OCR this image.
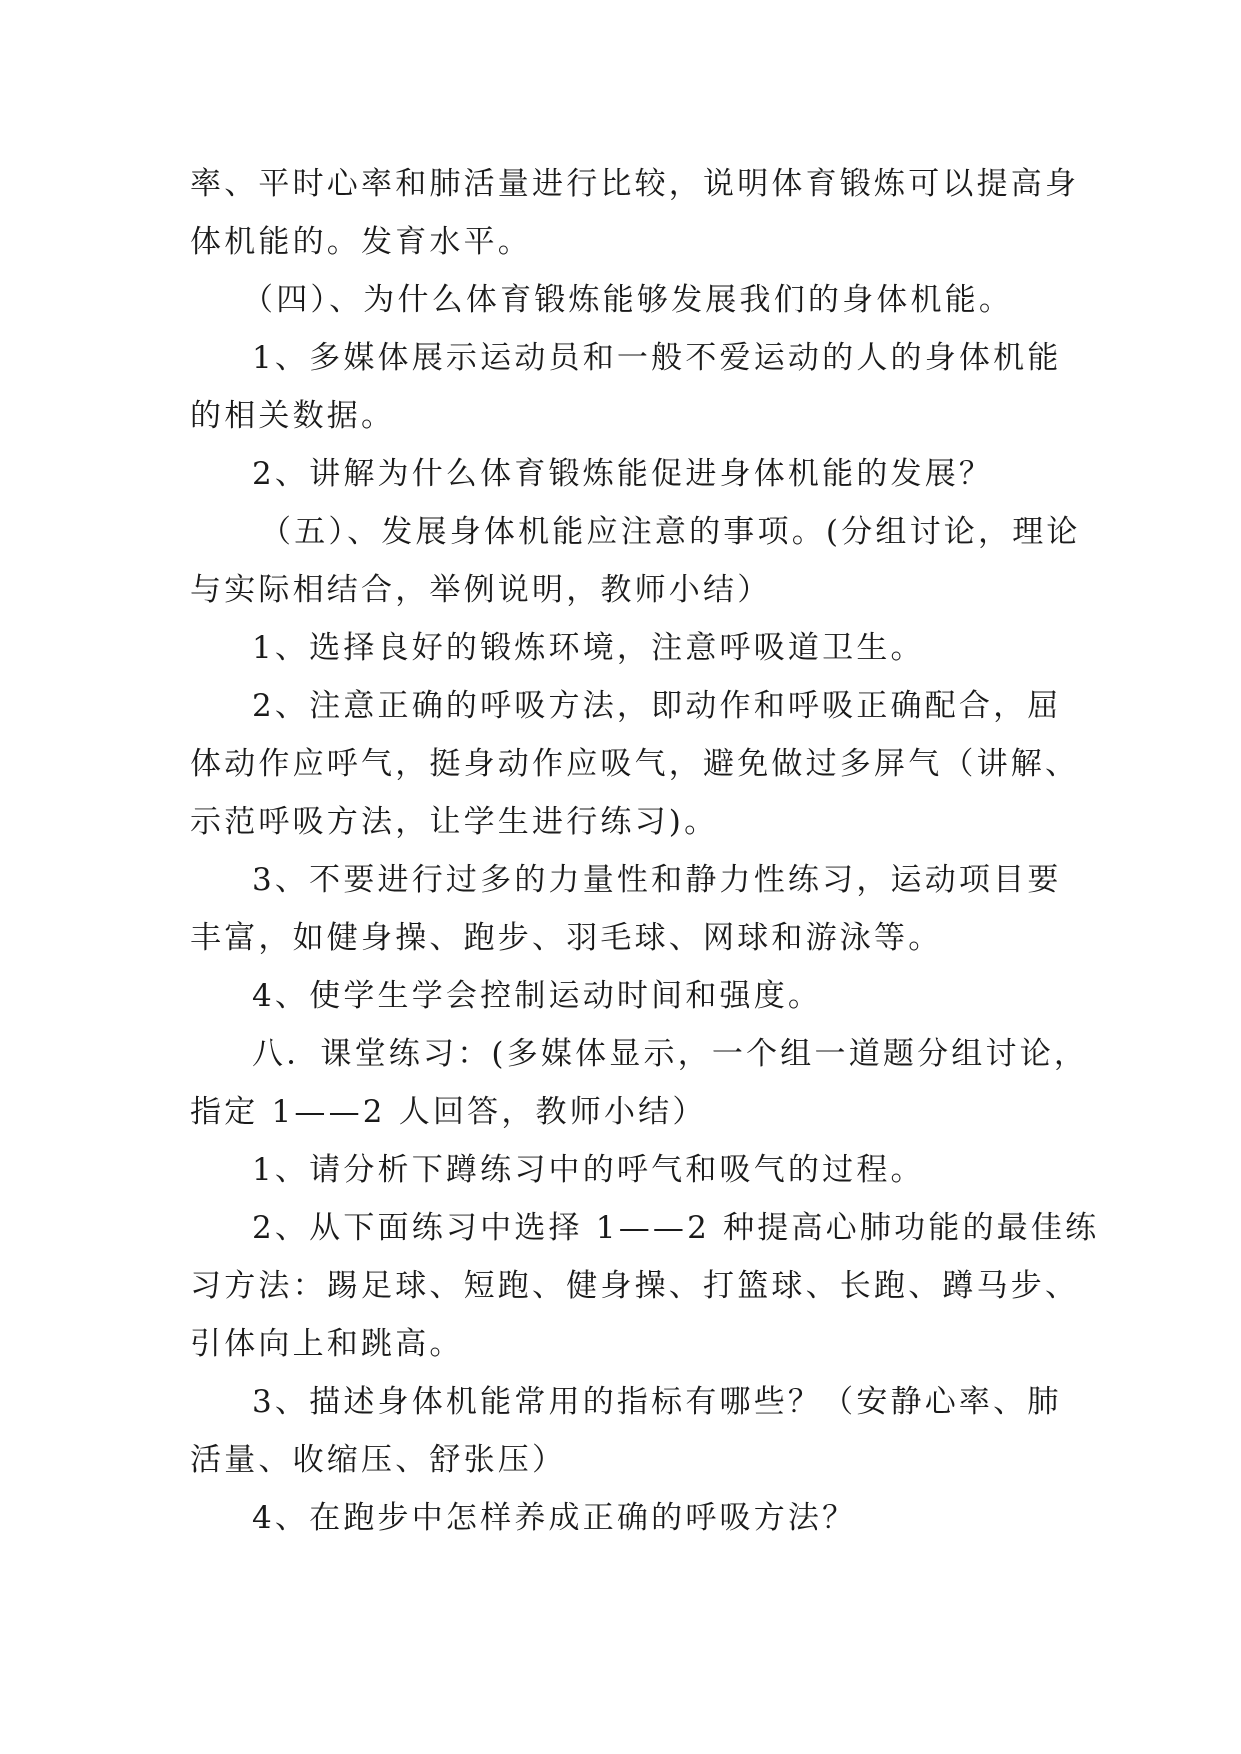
率、平时心率和肺活量进行比较，说明体育锻炼可以提高身
体机能的。发育水平。
（四）、为什么体育锻炼能够发展我们的身体机能。
1、多媒体展示运动员和一般不爱运动的人的身体机能
的相关数据。
2、讲解为什么体育锻炼能促进身体机能的发展？
（五）、发展身体机能应注意的事项。(分组讨论，理论
与实际相结合，举例说明，教师小结）
1、选择良好的锻炼环境，注意呼吸道卫生。
2、注意正确的呼吸方法，即动作和呼吸正确配合，屈
体动作应呼气，挺身动作应吸气，避免做过多屏气（讲解、
示范呼吸方法，让学生进行练习)。
3、不要进行过多的力量性和静力性练习，运动项目要
丰富，如健身操、跑步、羽毛球、网球和游泳等。
4、使学生学会控制运动时间和强度。
八．课堂练习：(多媒体显示，一个组一道题分组讨论，
指定 1——2 人回答，教师小结）
1、请分析下蹲练习中的呼气和吸气的过程。
2、从下面练习中选择 1——2 种提高心肺功能的最佳练
习方法：踢足球、短跑、健身操、打篮球、长跑、蹲马步、
引体向上和跳高。
3、描述身体机能常用的指标有哪些？（安静心率、肺
活量、收缩压、舒张压）
4、在跑步中怎样养成正确的呼吸方法？
